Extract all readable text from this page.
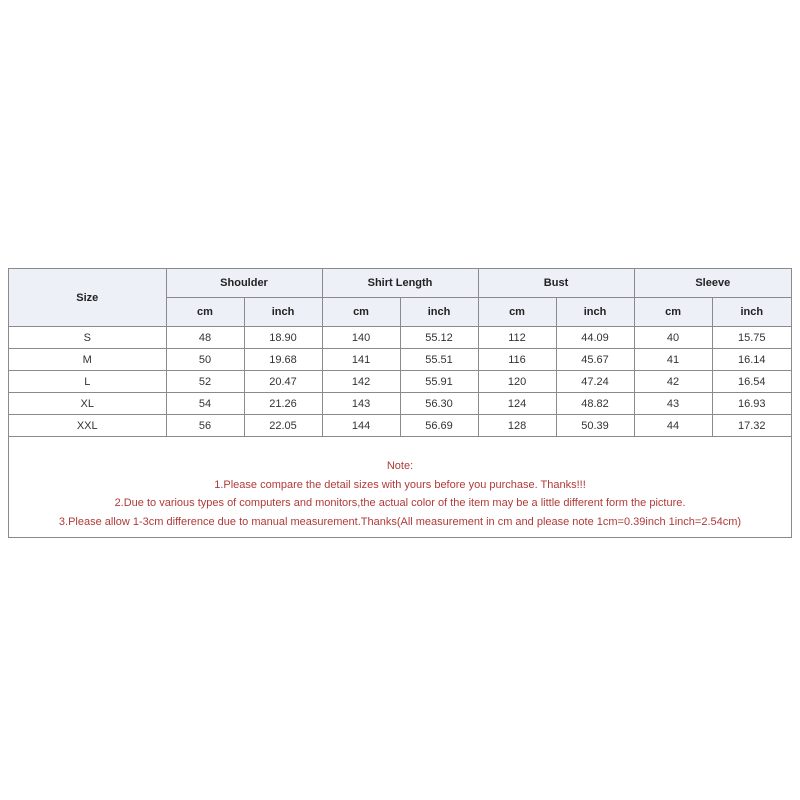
Size	Shoulder		Shirt Length		Bust		Sleeve	
	cm	inch	cm	inch	cm	inch	cm	inch
S	48	18.90	140	55.12	112	44.09	40	15.75
M	50	19.68	141	55.51	116	45.67	41	16.14
L	52	20.47	142	55.91	120	47.24	42	16.54
XL	54	21.26	143	56.30	124	48.82	43	16.93
XXL	56	22.05	144	56.69	128	50.39	44	17.32
Note:
1.Please compare the detail sizes with yours before you purchase. Thanks!!!
2.Due to various types of computers and monitors,the actual color of the item may be a little different form the picture.
3.Please allow 1-3cm difference due to manual measurement.Thanks(All measurement in cm and please note 1cm=0.39inch 1inch=2.54cm)
